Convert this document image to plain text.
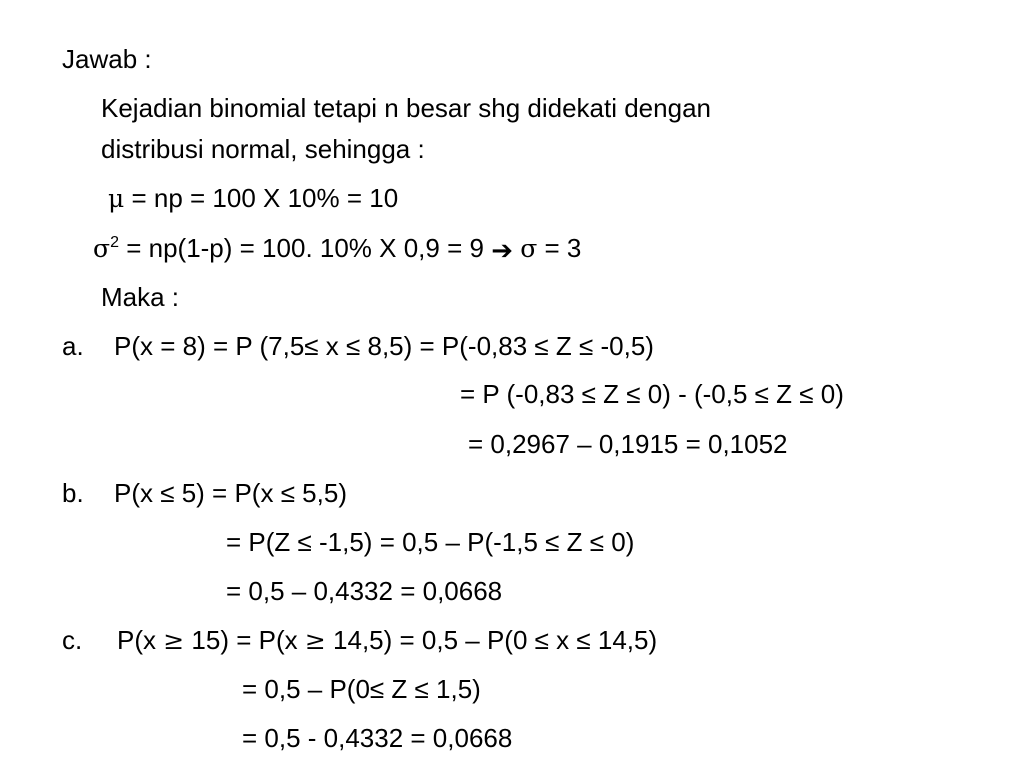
Jawab :
Kejadian binomial tetapi n besar shg didekati dengan
distribusi normal, sehingga :
μ = np = 100 X 10% = 10
$\sigma^2 = np(1-p) = 100$. 10% X 0,9 = 9 ➔ σ = 3
Maka :
a. P(x = 8) = P (7,5≤ x ≤ 8,5) = P(-0,83 ≤ Z ≤ -0,5)
= P (-0,83 ≤ Z ≤ 0) - (-0,5 ≤ Z ≤ 0)
= 0,2967 – 0,1915 = 0,1052
b. P(x ≤ 5) = P(x ≤ 5,5)
= P(Z ≤ -1,5) = 0,5 – P(-1,5 ≤ Z ≤ 0)
= 0,5 – 0,4332 = 0,0668
c. P(x ≥ 15) = P(x ≥ 14,5) = 0,5 – P(0 ≤ x ≤ 14,5)
= 0,5 – P(0≤ Z ≤ 1,5)
= 0,5 - 0,4332 = 0,0668
